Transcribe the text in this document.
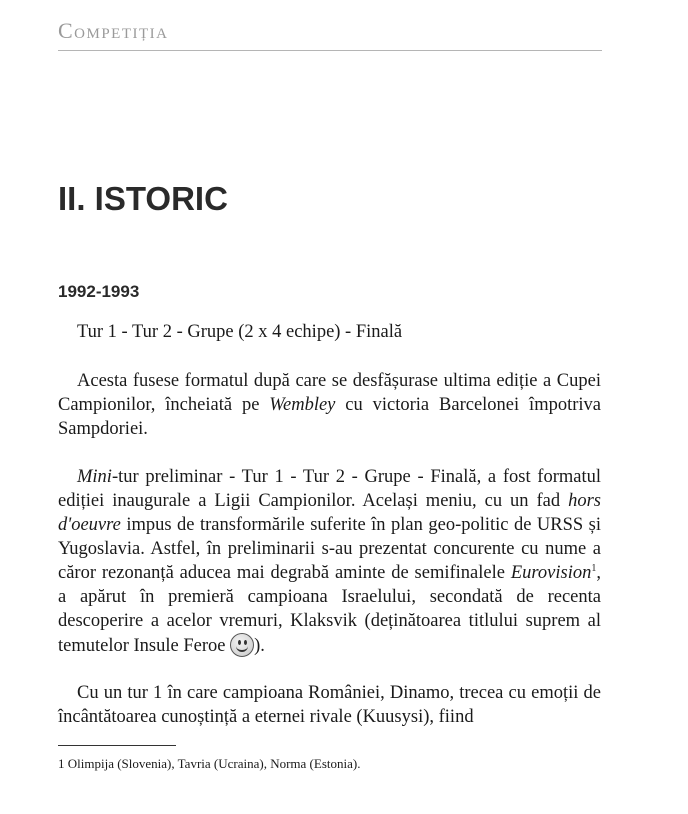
Competiția
II. ISTORIC
1992-1993

Tur 1 - Tur 2 - Grupe (2 x 4 echipe) - Finală

Acesta fusese formatul după care se desfășurase ultima ediție a Cupei Campionilor, încheiată pe Wembley cu victoria Barcelonei împotriva Sampdoriei.

Mini-tur preliminar - Tur 1 - Tur 2 - Grupe - Finală, a fost formatul ediției inaugurale a Ligii Campionilor. Același meniu, cu un fad hors d'oeuvre impus de transformările suferite în plan geo-politic de URSS și Yugoslavia. Astfel, în preliminarii s-au prezentat concurente cu nume a căror rezonanță aducea mai degrabă aminte de semifinalele Eurovision$^1$, a apărut în premieră campioana Israelului, secondată de recenta descoperire a acelor vremuri, Klaksvik (deținătoarea titlului suprem al temutelor Insule Feroe
).

Cu un tur 1 în care campioana României, Dinamo, trecea cu emoții de încântătoarea cunoștință a eternei rivale (Kuusysi), fiind

1 Olimpija (Slovenia), Tavria (Ucraina), Norma (Estonia).
